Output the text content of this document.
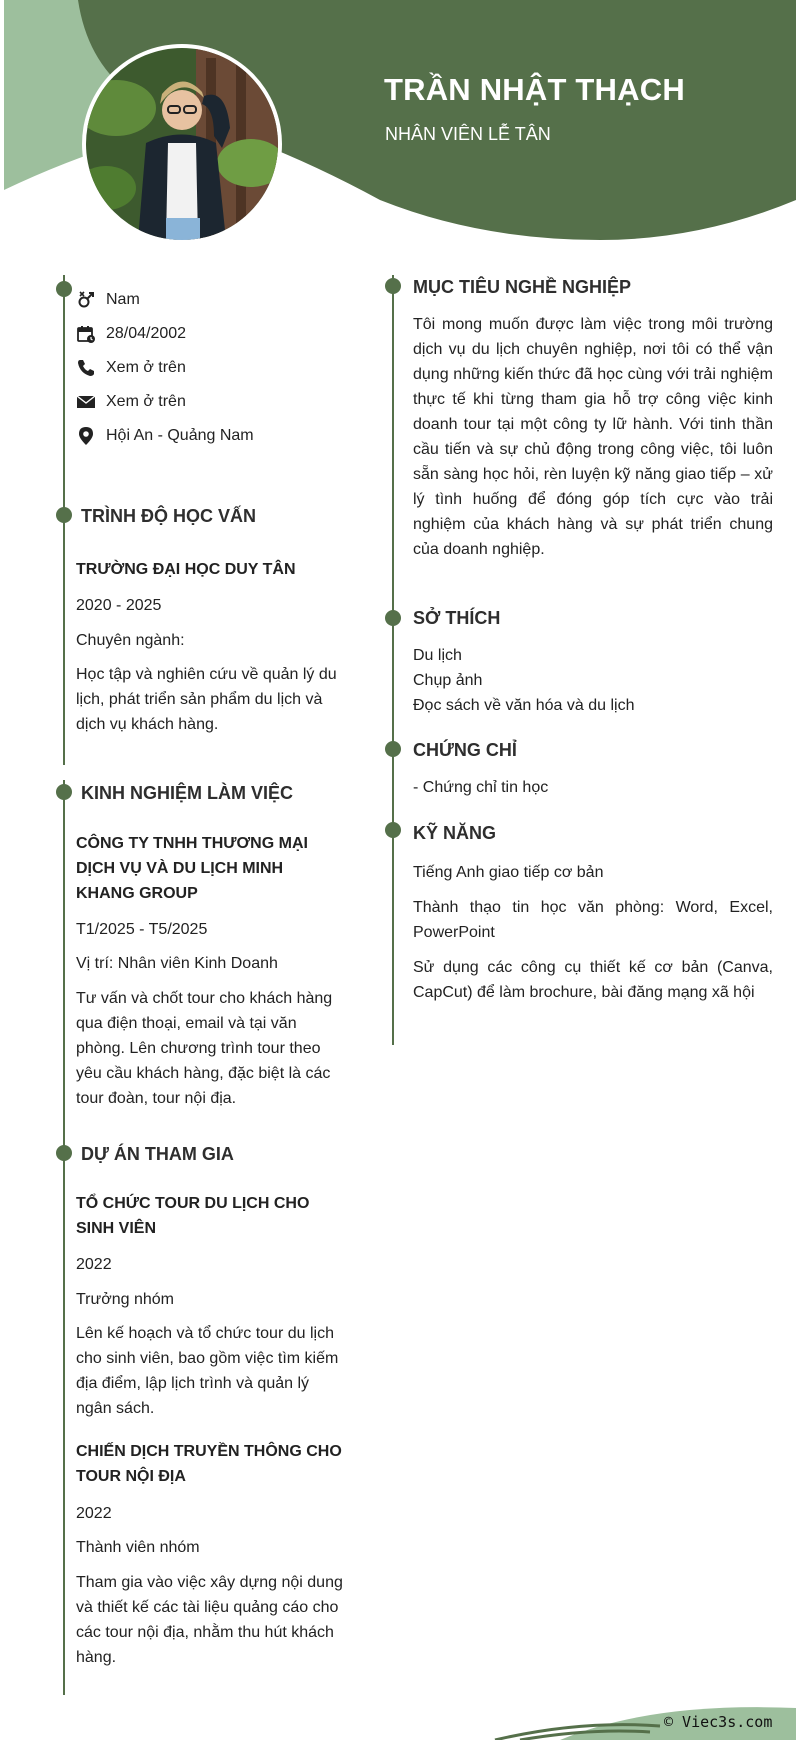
TRẦN NHẬT THẠCH
NHÂN VIÊN LỄ TÂN
Nam
28/04/2002
Xem ở trên
Xem ở trên
Hội An - Quảng Nam
TRÌNH ĐỘ HỌC VẤN
TRƯỜNG ĐẠI HỌC DUY TÂN
2020 - 2025
Chuyên ngành:
Học tập và nghiên cứu về quản lý du lịch, phát triển sản phẩm du lịch và dịch vụ khách hàng.
KINH NGHIỆM LÀM VIỆC
CÔNG TY TNHH THƯƠNG MẠI DỊCH VỤ VÀ DU LỊCH MINH KHANG GROUP
T1/2025 - T5/2025
Vị trí: Nhân viên Kinh Doanh
Tư vấn và chốt tour cho khách hàng qua điện thoại, email và tại văn phòng. Lên chương trình tour theo yêu cầu khách hàng, đặc biệt là các tour đoàn, tour nội địa.
DỰ ÁN THAM GIA
TỔ CHỨC TOUR DU LỊCH CHO SINH VIÊN
2022
Trưởng nhóm
Lên kế hoạch và tổ chức tour du lịch cho sinh viên, bao gồm việc tìm kiếm địa điểm, lập lịch trình và quản lý ngân sách.
CHIẾN DỊCH TRUYỀN THÔNG CHO TOUR NỘI ĐỊA
2022
Thành viên nhóm
Tham gia vào việc xây dựng nội dung và thiết kế các tài liệu quảng cáo cho các tour nội địa, nhằm thu hút khách hàng.
MỤC TIÊU NGHỀ NGHIỆP
Tôi mong muốn được làm việc trong môi trường dịch vụ du lịch chuyên nghiệp, nơi tôi có thể vận dụng những kiến thức đã học cùng với trải nghiệm thực tế khi từng tham gia hỗ trợ công việc kinh doanh tour tại một công ty lữ hành. Với tinh thần cầu tiến và sự chủ động trong công việc, tôi luôn sẵn sàng học hỏi, rèn luyện kỹ năng giao tiếp – xử lý tình huống để đóng góp tích cực vào trải nghiệm của khách hàng và sự phát triển chung của doanh nghiệp.
SỞ THÍCH
Du lịch
Chụp ảnh
Đọc sách về văn hóa và du lịch
CHỨNG CHỈ
- Chứng chỉ tin học
KỸ NĂNG
Tiếng Anh giao tiếp cơ bản
Thành thạo tin học văn phòng: Word, Excel, PowerPoint
Sử dụng các công cụ thiết kế cơ bản (Canva, CapCut) để làm brochure, bài đăng mạng xã hội
© Viec3s.com
